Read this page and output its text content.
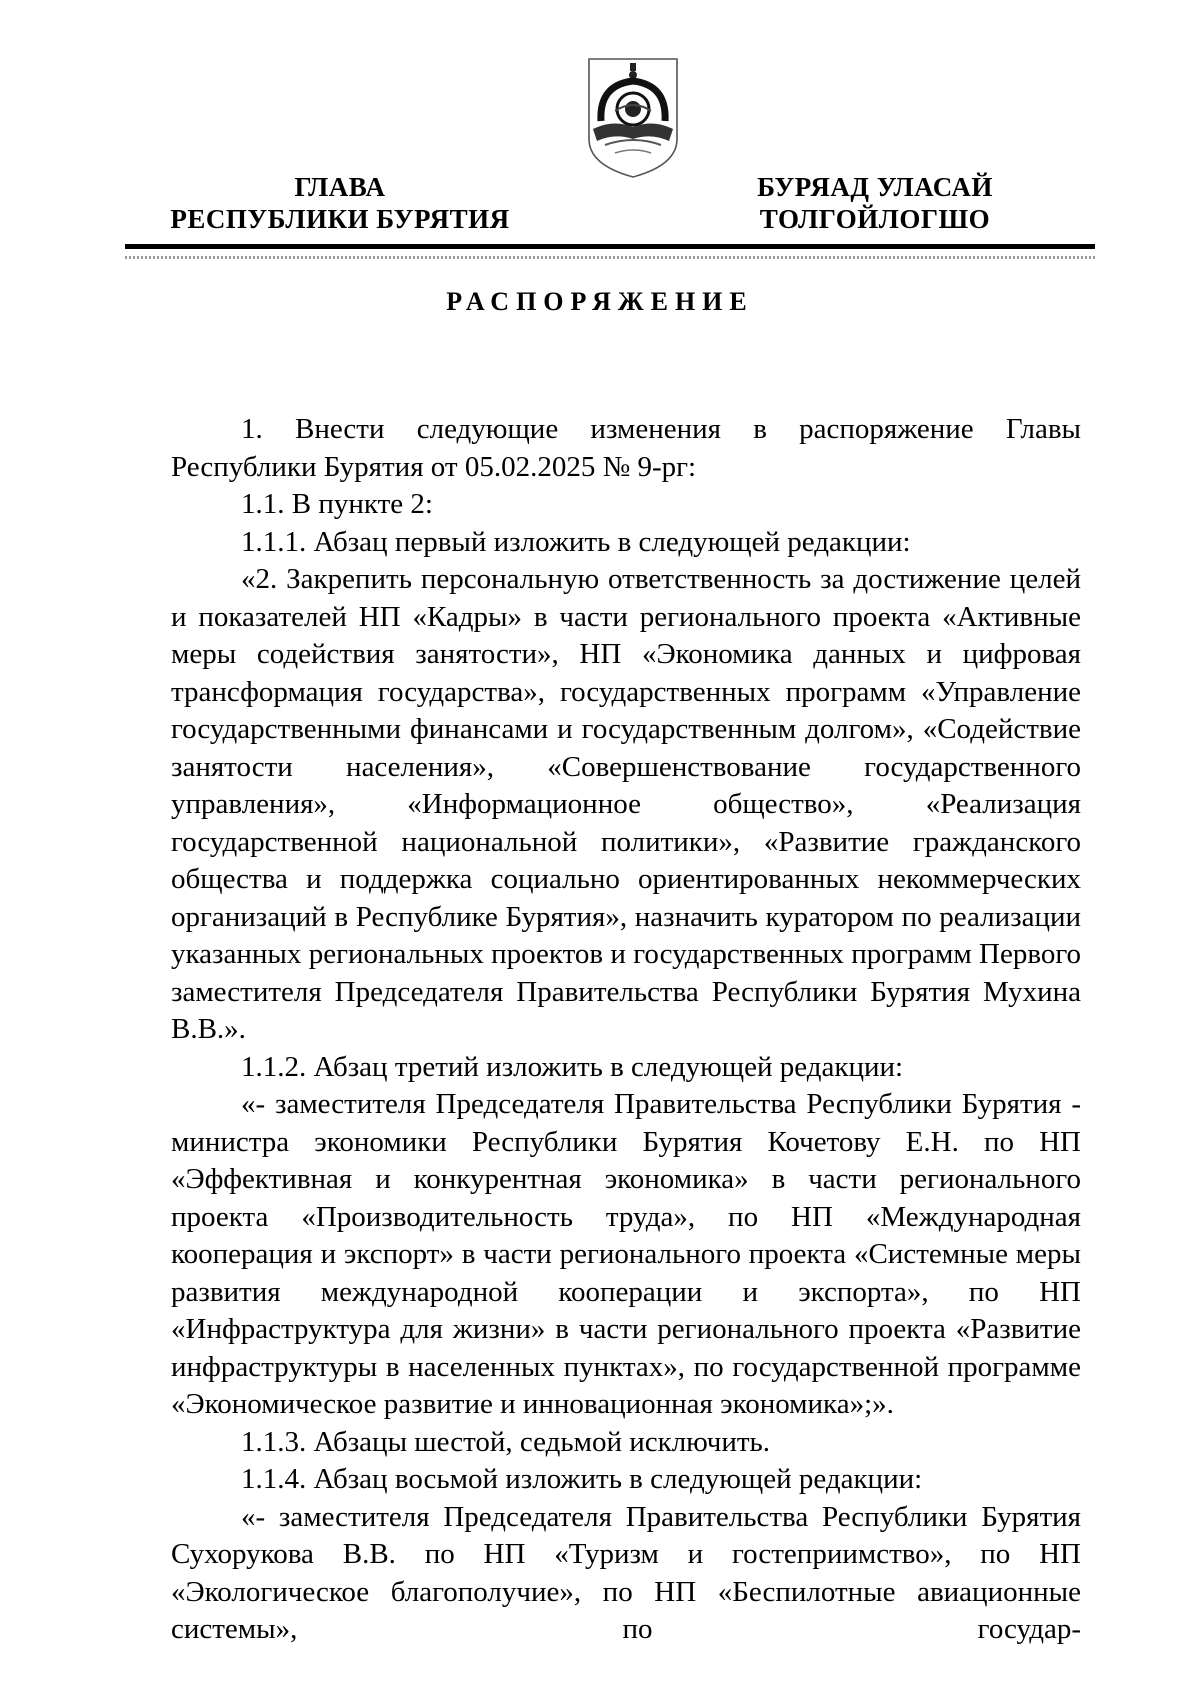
ГЛАВА
РЕСПУБЛИКИ БУРЯТИЯ
БУРЯАД УЛАСАЙ
ТОЛГОЙЛОГШО
РАСПОРЯЖЕНИЕ

1. Внести следующие изменения в распоряжение Главы Республики Бурятия от 05.02.2025 № 9-рг:

1.1. В пункте 2:

1.1.1. Абзац первый изложить в следующей редакции:

«2. Закрепить персональную ответственность за достижение целей и показателей НП «Кадры» в части регионального проекта «Активные меры содействия занятости», НП «Экономика данных и цифровая трансформация государства», государственных программ «Управление государственными финансами и государственным долгом», «Содействие занятости населения», «Совершенствование государственного управления», «Информационное общество», «Реализация государственной национальной политики», «Развитие гражданского общества и поддержка социально ориентированных некоммерческих организаций в Республике Бурятия», назначить куратором по реализации указанных региональных проектов и государственных программ Первого заместителя Председателя Правительства Республики Бурятия Мухина В.В.».

1.1.2. Абзац третий изложить в следующей редакции:

«- заместителя Председателя Правительства Республики Бурятия - министра экономики Республики Бурятия Кочетову Е.Н. по НП «Эффективная и конкурентная экономика» в части регионального проекта «Производительность труда», по НП «Международная кооперация и экспорт» в части регионального проекта «Системные меры развития международной кооперации и экспорта», по НП «Инфраструктура для жизни» в части регионального проекта «Развитие инфраструктуры в населенных пунктах», по государственной программе «Экономическое развитие и инновационная экономика»;».

1.1.3. Абзацы шестой, седьмой исключить.

1.1.4. Абзац восьмой изложить в следующей редакции:

«- заместителя Председателя Правительства Республики Бурятия Сухорукова В.В. по НП «Туризм и гостеприимство», по НП «Экологическое благополучие», по НП «Беспилотные авиационные системы», по государ-
